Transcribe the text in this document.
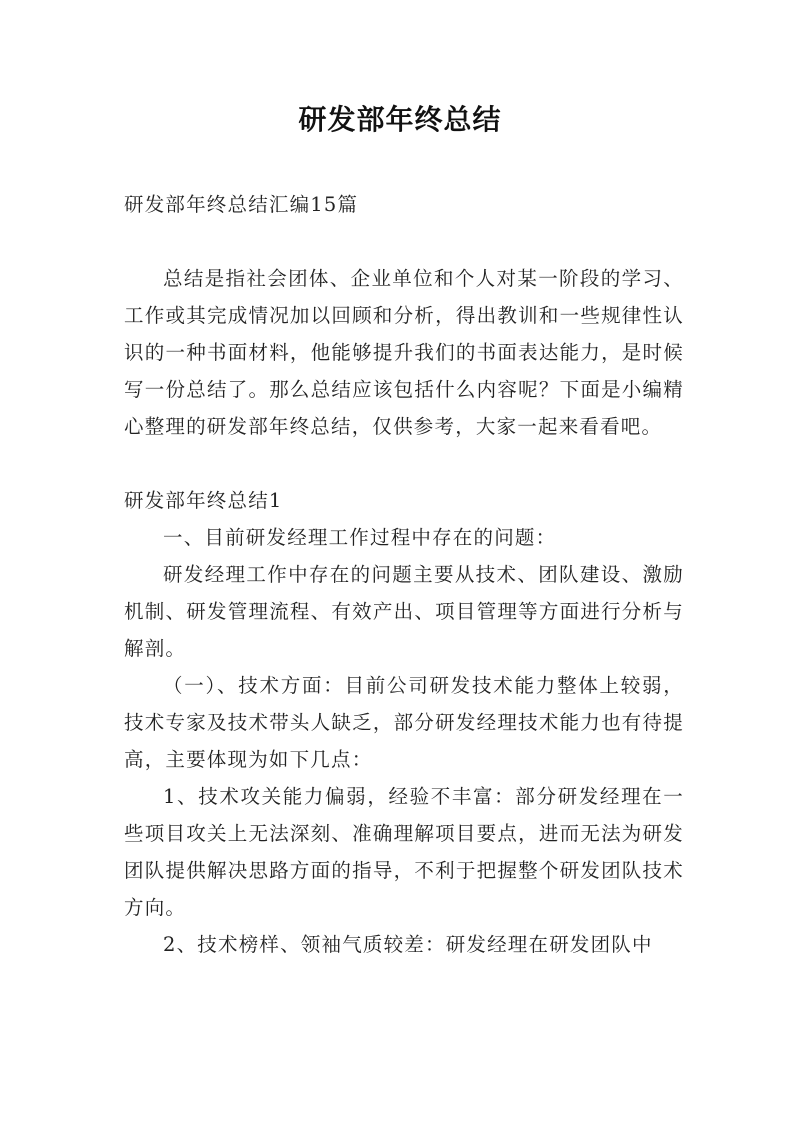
研发部年终总结

研发部年终总结汇编15篇

总结是指社会团体、企业单位和个人对某一阶段的学习、工作或其完成情况加以回顾和分析，得出教训和一些规律性认识的一种书面材料，他能够提升我们的书面表达能力，是时候写一份总结了。那么总结应该包括什么内容呢？下面是小编精心整理的研发部年终总结，仅供参考，大家一起来看看吧。

研发部年终总结1

一、目前研发经理工作过程中存在的问题：

研发经理工作中存在的问题主要从技术、团队建设、激励机制、研发管理流程、有效产出、项目管理等方面进行分析与解剖。

（一）、技术方面：目前公司研发技术能力整体上较弱，技术专家及技术带头人缺乏，部分研发经理技术能力也有待提高，主要体现为如下几点：

1、技术攻关能力偏弱，经验不丰富：部分研发经理在一些项目攻关上无法深刻、准确理解项目要点，进而无法为研发团队提供解决思路方面的指导，不利于把握整个研发团队技术方向。

2、技术榜样、领袖气质较差：研发经理在研发团队中
